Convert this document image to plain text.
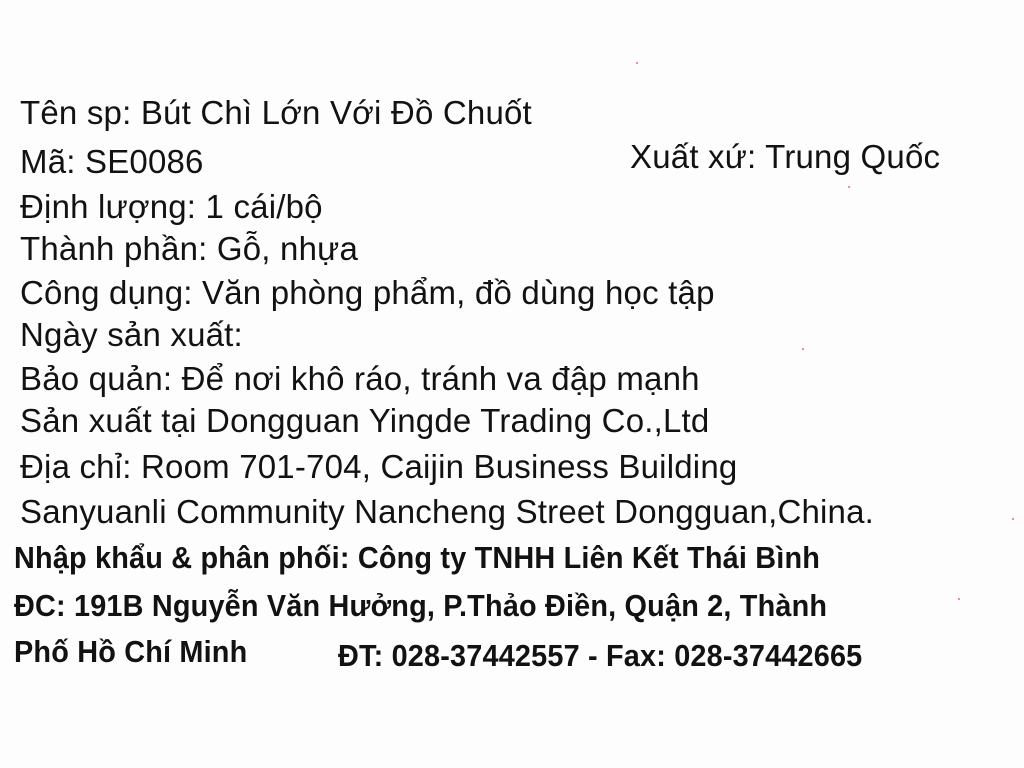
Tên sp: Bút Chì Lớn Với Đồ Chuốt
Mã: SE0086	Xuất xứ: Trung Quốc
Định lượng: 1 cái/bộ
Thành phần: Gỗ, nhựa
Công dụng: Văn phòng phẩm, đồ dùng học tập
Ngày sản xuất:
Bảo quản: Để nơi khô ráo, tránh va đập mạnh
Sản xuất tại Dongguan Yingde Trading Co.,Ltd
Địa chỉ: Room 701-704, Caijin Business Building
Sanyuanli Community Nancheng Street Dongguan,China.
Nhập khẩu & phân phối: Công ty TNHH Liên Kết Thái Bình
ĐC: 191B Nguyễn Văn Hưởng, P.Thảo Điền, Quận 2, Thành
Phố Hồ Chí Minh	ĐT: 028-37442557 - Fax: 028-37442665
